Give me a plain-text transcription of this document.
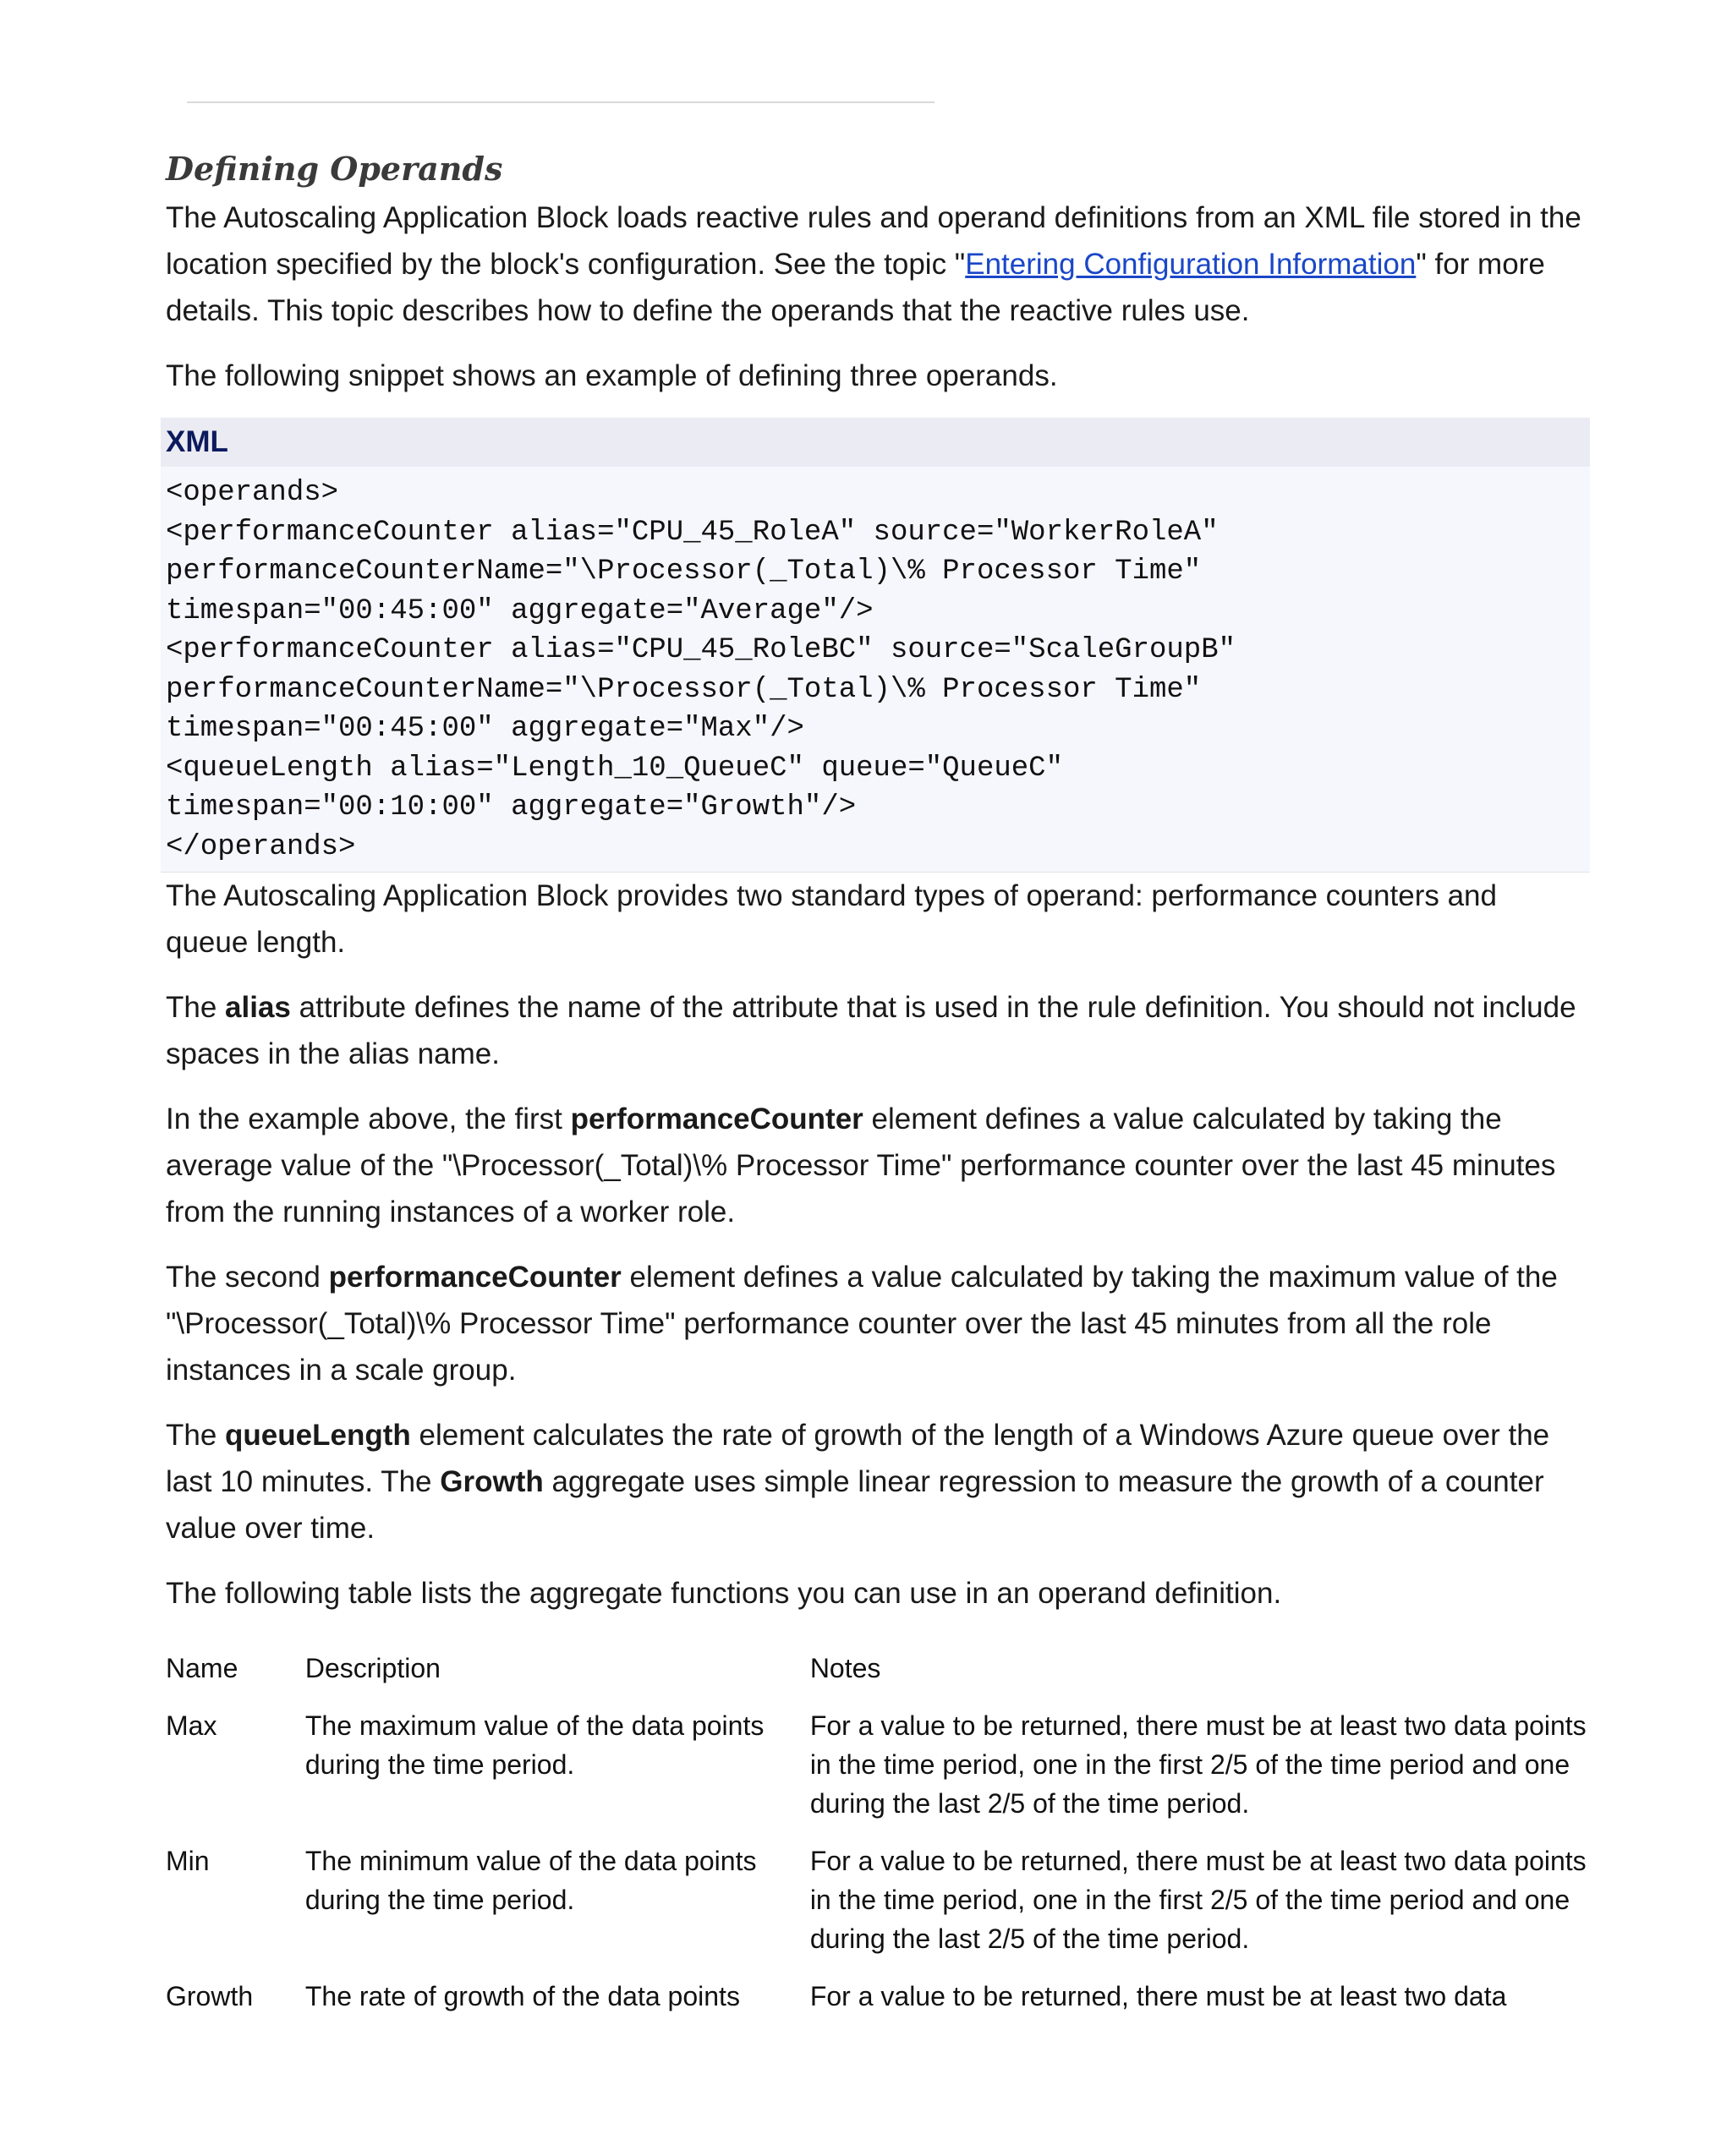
Defining Operands

The Autoscaling Application Block loads reactive rules and operand definitions from an XML file stored in the location specified by the block's configuration. See the topic "Entering Configuration Information" for more details. This topic describes how to define the operands that the reactive rules use.

The following snippet shows an example of defining three operands.

XML
<operands>
<performanceCounter alias="CPU_45_RoleA" source="WorkerRoleA"
performanceCounterName="\Processor(_Total)\% Processor Time"
timespan="00:45:00" aggregate="Average"/>
<performanceCounter alias="CPU_45_RoleBC" source="ScaleGroupB"
performanceCounterName="\Processor(_Total)\% Processor Time"
timespan="00:45:00" aggregate="Max"/>
<queueLength alias="Length_10_QueueC" queue="QueueC"
timespan="00:10:00" aggregate="Growth"/>
</operands>

The Autoscaling Application Block provides two standard types of operand: performance counters and queue length.

The alias attribute defines the name of the attribute that is used in the rule definition. You should not include spaces in the alias name.

In the example above, the first performanceCounter element defines a value calculated by taking the average value of the "\Processor(_Total)\% Processor Time" performance counter over the last 45 minutes from the running instances of a worker role.

The second performanceCounter element defines a value calculated by taking the maximum value of the "\Processor(_Total)\% Processor Time" performance counter over the last 45 minutes from all the role instances in a scale group.

The queueLength element calculates the rate of growth of the length of a Windows Azure queue over the last 10 minutes. The Growth aggregate uses simple linear regression to measure the growth of a counter value over time.

The following table lists the aggregate functions you can use in an operand definition.

Name	Description	Notes
Max	The maximum value of the data points during the time period.	For a value to be returned, there must be at least two data points in the time period, one in the first 2/5 of the time period and one during the last 2/5 of the time period.
Min	The minimum value of the data points during the time period.	For a value to be returned, there must be at least two data points in the time period, one in the first 2/5 of the time period and one during the last 2/5 of the time period.
Growth	The rate of growth of the data points	For a value to be returned, there must be at least two data
